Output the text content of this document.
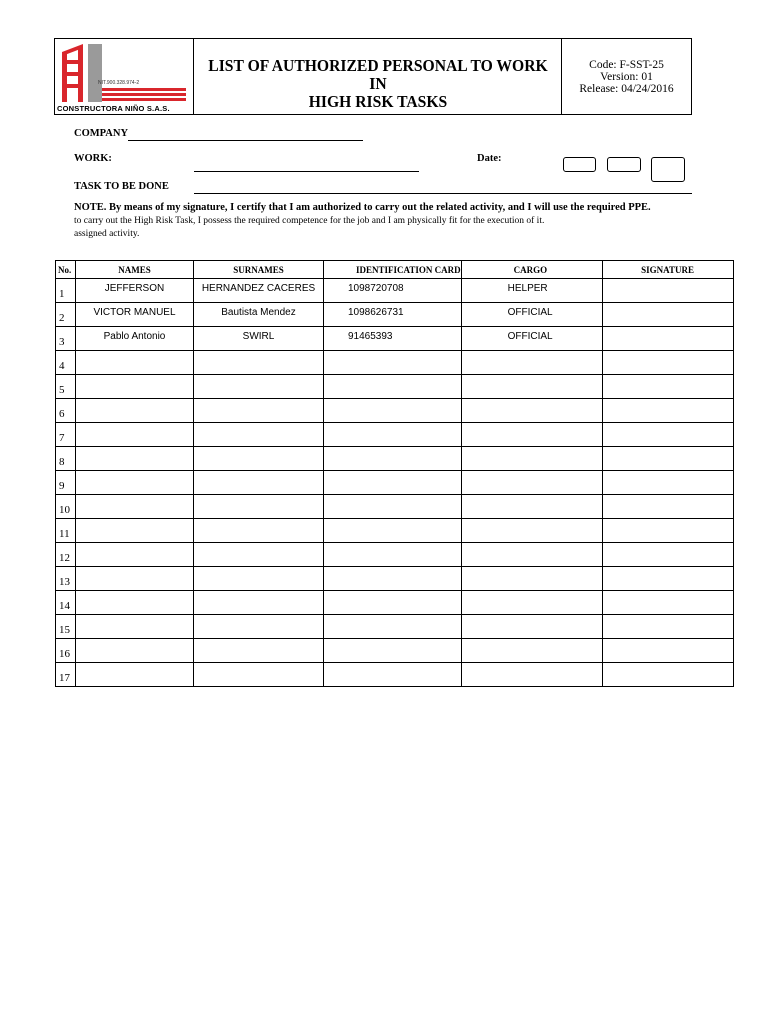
NIT.900.328.974-2
CONSTRUCTORA NIÑO S.A.S.
LIST OF AUTHORIZED PERSONAL TO WORK IN
HIGH RISK TASKS
Code: F-SST-25
Version: 01
Release: 04/24/2016
COMPANY
WORK:	Date:
TASK TO BE DONE
NOTE. By means of my signature, I certify that I am authorized to carry out the related activity, and I will use the required PPE.
to carry out the High Risk Task, I possess the required competence for the job and I am physically fit for the execution of it.
assigned activity.
No.	NAMES	SURNAMES	IDENTIFICATION CARD	CARGO	SIGNATURE
1	JEFFERSON	HERNANDEZ CACERES	1098720708	HELPER	
2	VICTOR MANUEL	Bautista Mendez	1098626731	OFFICIAL	
3	Pablo Antonio	SWIRL	91465393	OFFICIAL	
4					
5					
6					
7					
8					
9					
10					
11					
12					
13					
14					
15					
16					
17					
